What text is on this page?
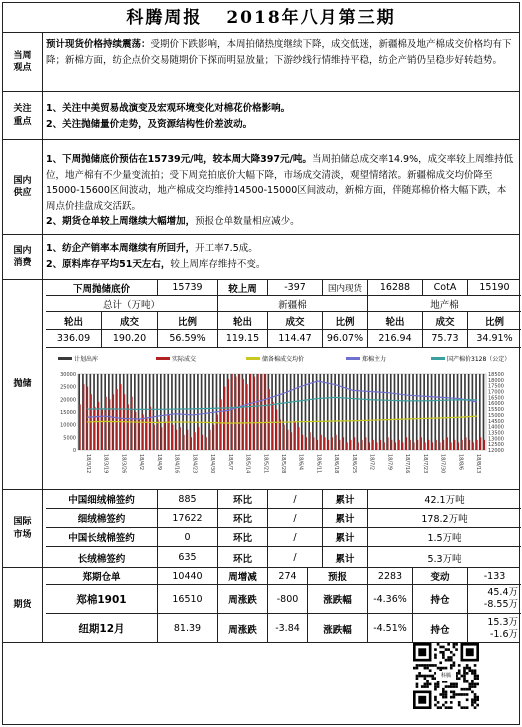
科腾周报 2018年八月第三期
当周
观点
预计现货价格持续震荡：受期价下跌影响，本周拍储热度继续下降，成交低迷，新疆棉及地产棉成交价格均有下降；新棉方面，纺企点价交易随期价下探而明显放量；下游纱线行情维持平稳，纺企产销仍呈稳步好转趋势。
关注
重点
1、关注中美贸易战演变及宏观环境变化对棉花价格影响。
2、关注抛储量价走势，及资源结构性价差波动。
国内
供应
1、下周抛储底价预估在15739元/吨，较本周大降397元/吨。当周拍储总成交率14.9%，成交率较上周维持低位，地产棉有不少量变流拍；受下周竞拍底价大幅下降，市场成交清淡，观望情绪浓。新疆棉成交均价降至15000-15600区间波动，地产棉成交均维持14500-15000区间波动，新棉方面，伴随郑棉价格大幅下跌，本周点价挂盘成交活跃。
2、期货仓单较上周继续大幅增加，预报仓单数量相应减少。
国内
消费
1、纺企产销率本周继续有所回升，开工率7.5成。
2、原料库存平均51天左右，较上周库存维持不变。
抛储
下周抛储底价	15739	较上周	-397	国内现货	16288	CotA	15190
总计（万吨）	新疆棉	地产棉
轮出	成交	比例	轮出	成交	比例	轮出	成交	比例
336.09	190.20	56.59%	119.15	114.47	96.07%	216.94	75.73	34.91%
计划出库	实际成交	储备棉成交均价	郑棉主力	国产棉价3128（公定）
0
5000
10000
15000
20000
25000
30000
12000
12500
13000
13500
14000
14500
15000
15500
16000
16500
17000
17500
18000
18500
18/3/12 18/3/19 18/3/26 18/4/2 18/4/9 18/4/16 18/4/23 18/4/30 18/5/7 18/5/14 18/5/21 18/5/28 18/6/4 18/6/11 18/6/18 18/6/25 18/7/2 18/7/9 18/7/16 18/7/23 18/7/30 18/8/6 18/8/13
国际
市场
中国细绒棉签约	885	环比	/	累计	42.1万吨
细绒棉签约	17622	环比	/	累计	178.2万吨
中国长绒棉签约	0	环比	/	累计	1.5万吨
长绒棉签约	635	环比	/	累计	5.3万吨
期货
郑期仓单	10440	周增减	274	预报	2283	变动	-133
郑棉1901	16510	周涨跌	-800	涨跌幅	-4.36%	持仓
45.4万
-8.55万
纽期12月	81.39	周涨跌	-3.84	涨跌幅	-4.51%	持仓
15.3万
-1.6万
科腾
